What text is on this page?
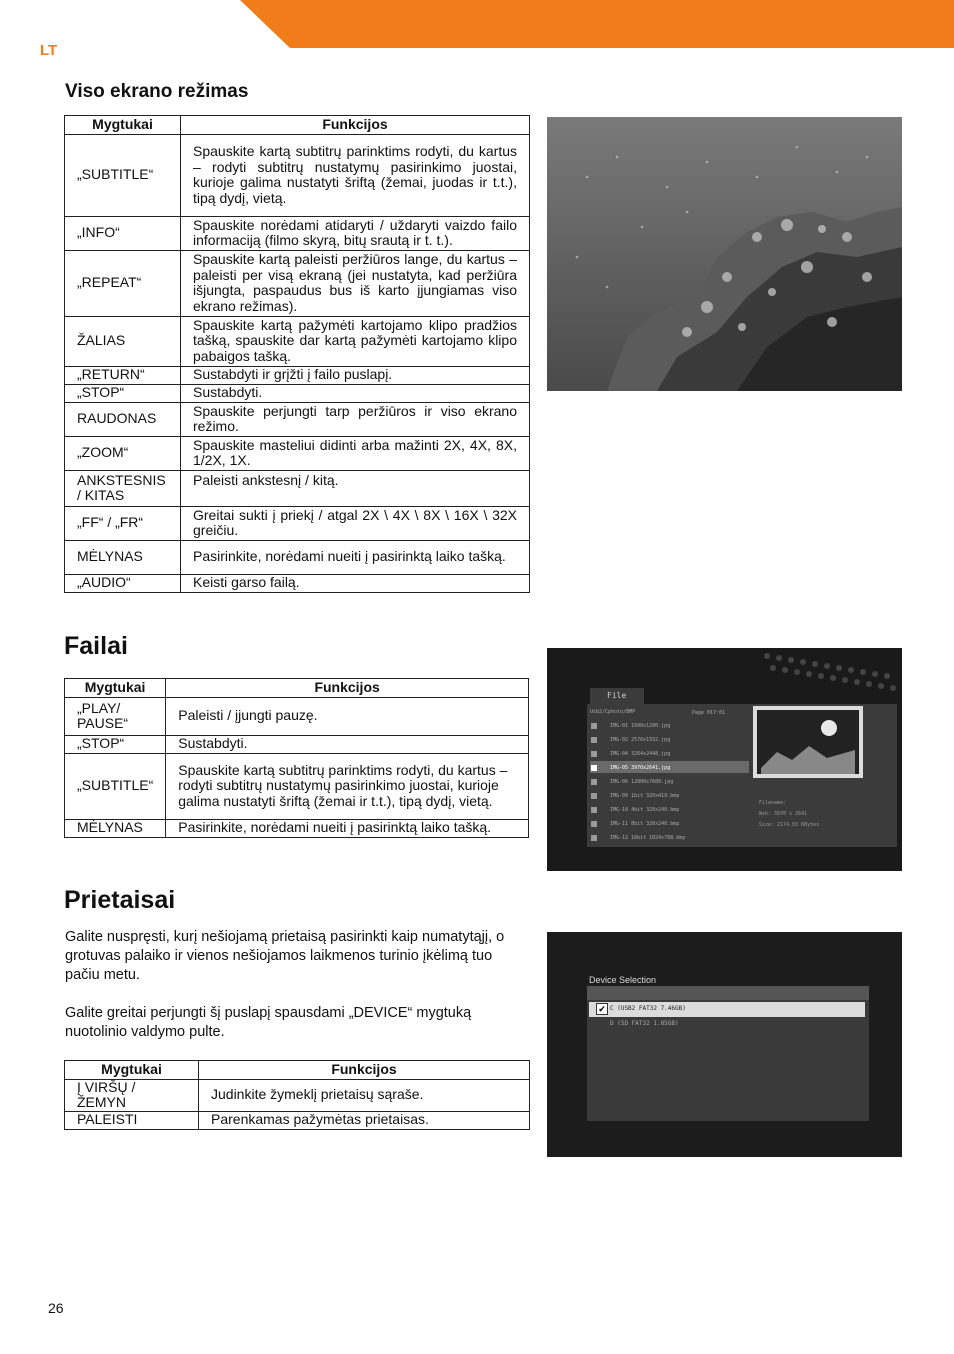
LT
Viso ekrano režimas
Mygtukai	Funkcijos
„SUBTITLE“	Spauskite kartą subtitrų parinktims rodyti, du kartus – rodyti subtitrų nustatymų pasirinkimo juostai, kurioje galima nustatyti šriftą (žemai, juodas ir t.t.), tipą dydį, vietą.
„INFO“	Spauskite norėdami atidaryti / uždaryti vaizdo failo informaciją (filmo skyrą, bitų srautą ir t. t.).
„REPEAT“	Spauskite kartą paleisti peržiūros lange, du kartus – paleisti per visą ekraną (jei nustatyta, kad peržiūra išjungta, paspaudus bus iš karto įjungiamas viso ekrano režimas).
ŽALIAS	Spauskite kartą pažymėti kartojamo klipo pradžios tašką, spauskite dar kartą pažymėti kartojamo klipo pabaigos tašką.
„RETURN“	Sustabdyti ir grįžti į failo puslapį.
„STOP“	Sustabdyti.
RAUDONAS	Spauskite perjungti tarp peržiūros ir viso ekrano režimo.
„ZOOM“	Spauskite masteliui didinti arba mažinti 2X, 4X, 8X, 1/2X, 1X.
ANKSTESNIS / KITAS	Paleisti ankstesnį / kitą.
„FF“ / „FR“	Greitai sukti į priekį / atgal 2X \ 4X \ 8X \ 16X \ 32X greičiu.
MĖLYNAS	Pasirinkite, norėdami nueiti į pasirinktą laiko tašką.
„AUDIO“	Keisti garso failą.
Failai
Mygtukai	Funkcijos
„PLAY/ PAUSE“	Paleisti / įjungti pauzę.
„STOP“	Sustabdyti.
„SUBTITLE“	Spauskite kartą subtitrų parinktims rodyti, du kartus – rodyti subtitrų nustatymų pasirinkimo juostai, kurioje galima nustatyti šriftą (žemai ir t.t.), tipą dydį, vietą.
MĖLYNAS	Pasirinkite, norėdami nueiti į pasirinktą laiko tašką.
File
Usb2/Cphoto/BMP	Page 017:01
IMG-01 1600x1200.jpg
IMG-02 2576x1932.jpg
IMG-04 3264x2448.jpg
IMG-05 3970x2641.jpg
IMG-06 12800x7600.jpg
IMG-09 1bit 320x419.bmp
IMG-10 4bit 320x240.bmp
IMG-11 8bit 320x240.bmp
IMG-12 16bit 1024x768.bmp
Filename:
Wxh: 3970 x 2641
Size: 2174.03 KBytes
Prietaisai
Galite nuspręsti, kurį nešiojamą prietaisą pasirinkti kaip numatytąjį, o grotuvas palaiko ir vienos nešiojamos laikmenos turinio įkėlimą tuo pačiu metu.
Galite greitai perjungti šį puslapį spausdami „DEVICE“ mygtuką nuotolinio valdymo pulte.
Mygtukai	Funkcijos
Į VIRŠŲ / ŽEMYN	Judinkite žymeklį prietaisų sąraše.
PALEISTI	Parenkamas pažymėtas prietaisas.
Device Selection
✔ C (USB2 FAT32 7.46GB)
D (SD FAT32 1.85GB)
26
